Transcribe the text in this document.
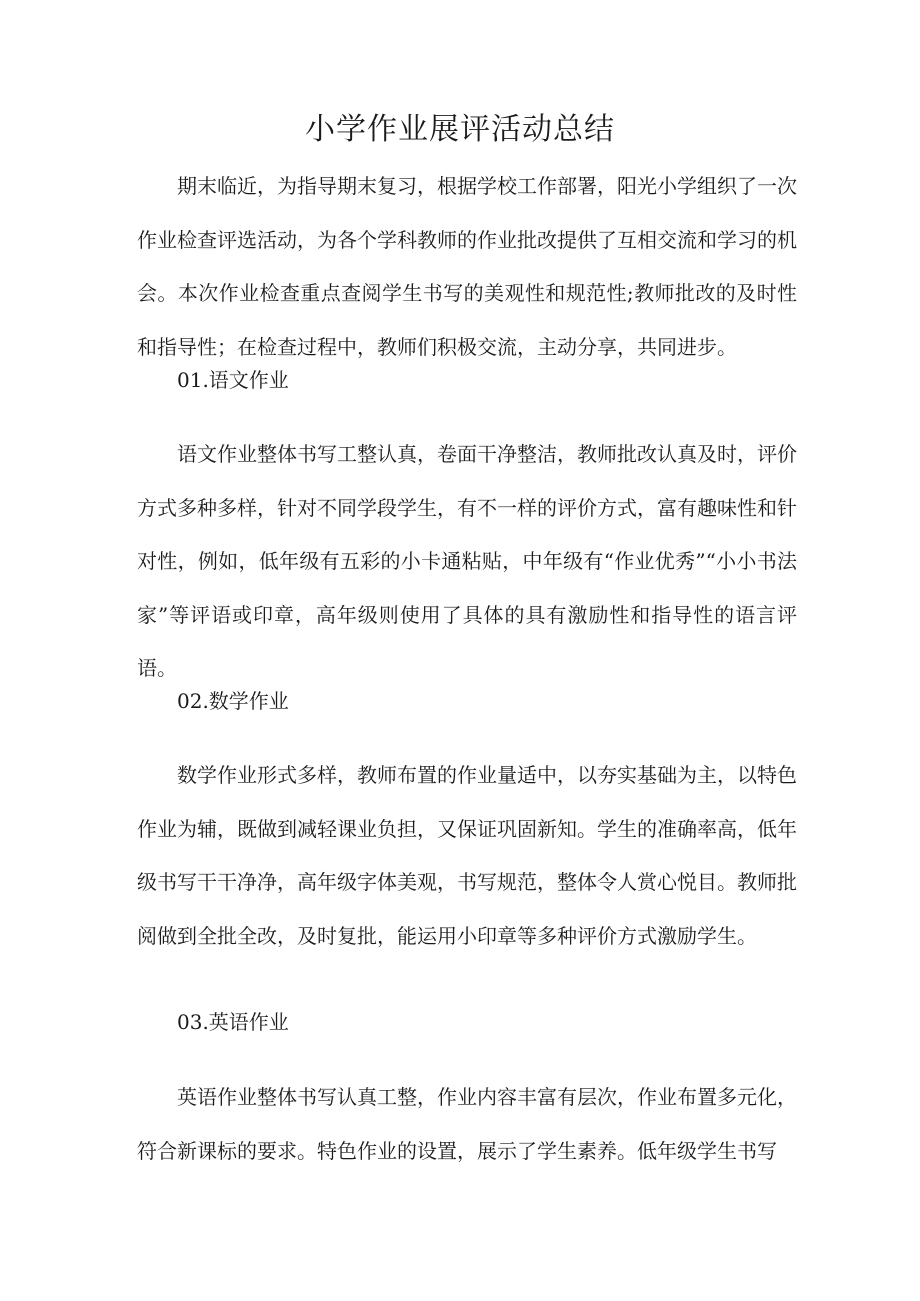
小学作业展评活动总结

期末临近，为指导期末复习，根据学校工作部署，阳光小学组织了一次作业检查评选活动，为各个学科教师的作业批改提供了互相交流和学习的机会。本次作业检查重点查阅学生书写的美观性和规范性;教师批改的及时性和指导性；在检查过程中，教师们积极交流，主动分享，共同进步。

01.语文作业

语文作业整体书写工整认真，卷面干净整洁，教师批改认真及时，评价方式多种多样，针对不同学段学生，有不一样的评价方式，富有趣味性和针对性，例如，低年级有五彩的小卡通粘贴，中年级有“作业优秀”“小小书法家”等评语或印章，高年级则使用了具体的具有激励性和指导性的语言评语。

02.数学作业

数学作业形式多样，教师布置的作业量适中，以夯实基础为主，以特色作业为辅，既做到减轻课业负担，又保证巩固新知。学生的准确率高，低年级书写干干净净，高年级字体美观，书写规范，整体令人赏心悦目。教师批阅做到全批全改，及时复批，能运用小印章等多种评价方式激励学生。

03.英语作业

英语作业整体书写认真工整，作业内容丰富有层次，作业布置多元化，符合新课标的要求。特色作业的设置，展示了学生素养。低年级学生书写
